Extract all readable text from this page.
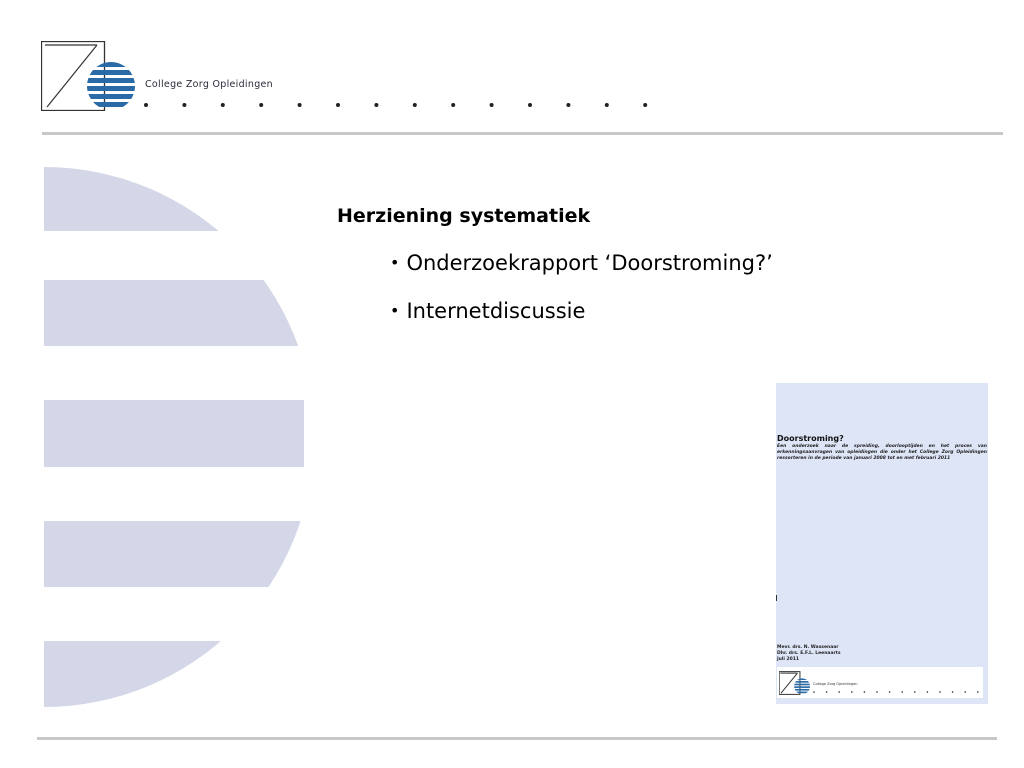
College Zorg Opleidingen
Herziening systematiek
• Onderzoekrapport ‘Doorstroming?’
• Internetdiscussie
Doorstroming?
Een onderzoek naar de spreiding, doorlooptijden en het proces van erkenningsaanvragen van opleidingen die onder het College Zorg Opleidingen ressorteren in de periode van januari 2008 tot en met februari 2011
Mevr. drs. N. Wassenaar
Dhr. drs. E.F.L. Leenaarts
Juli 2011
College Zorg Opleidingen
